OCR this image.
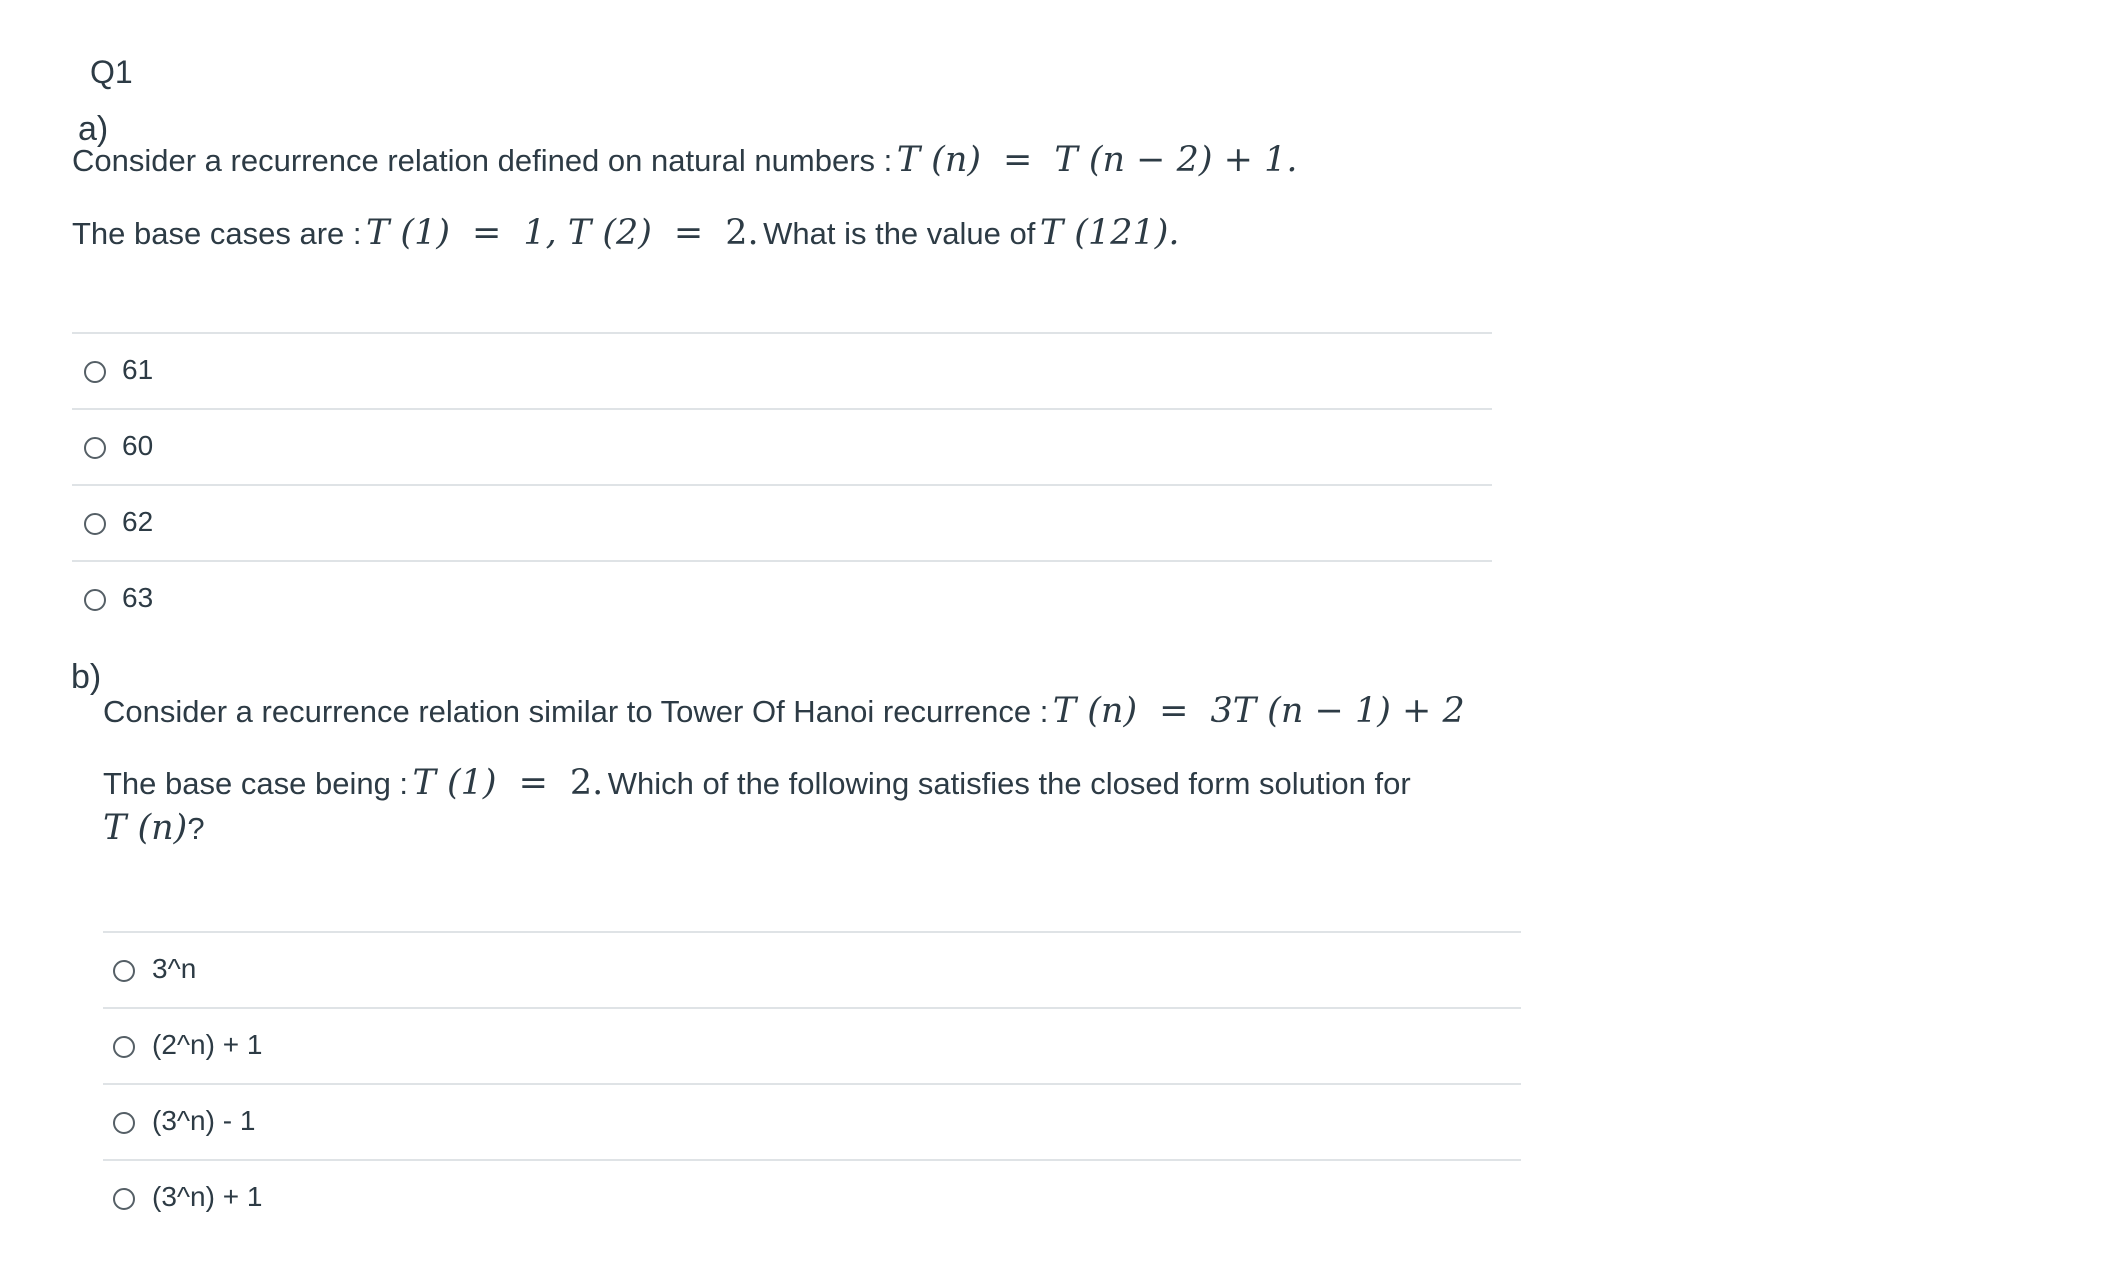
Q1
a)
Consider a recurrence relation defined on natural numbers : T (n) = T (n − 2) + 1.
The base cases are : T (1) = 1, T (2) = 2. What is the value of T (121).
61
60
62
63
b)
Consider a recurrence relation similar to Tower Of Hanoi recurrence : T (n) = 3T (n − 1) + 2
The base case being : T (1) = 2. Which of the following satisfies the closed form solution for
T (n)?
3^n
(2^n) + 1
(3^n) - 1
(3^n) + 1
